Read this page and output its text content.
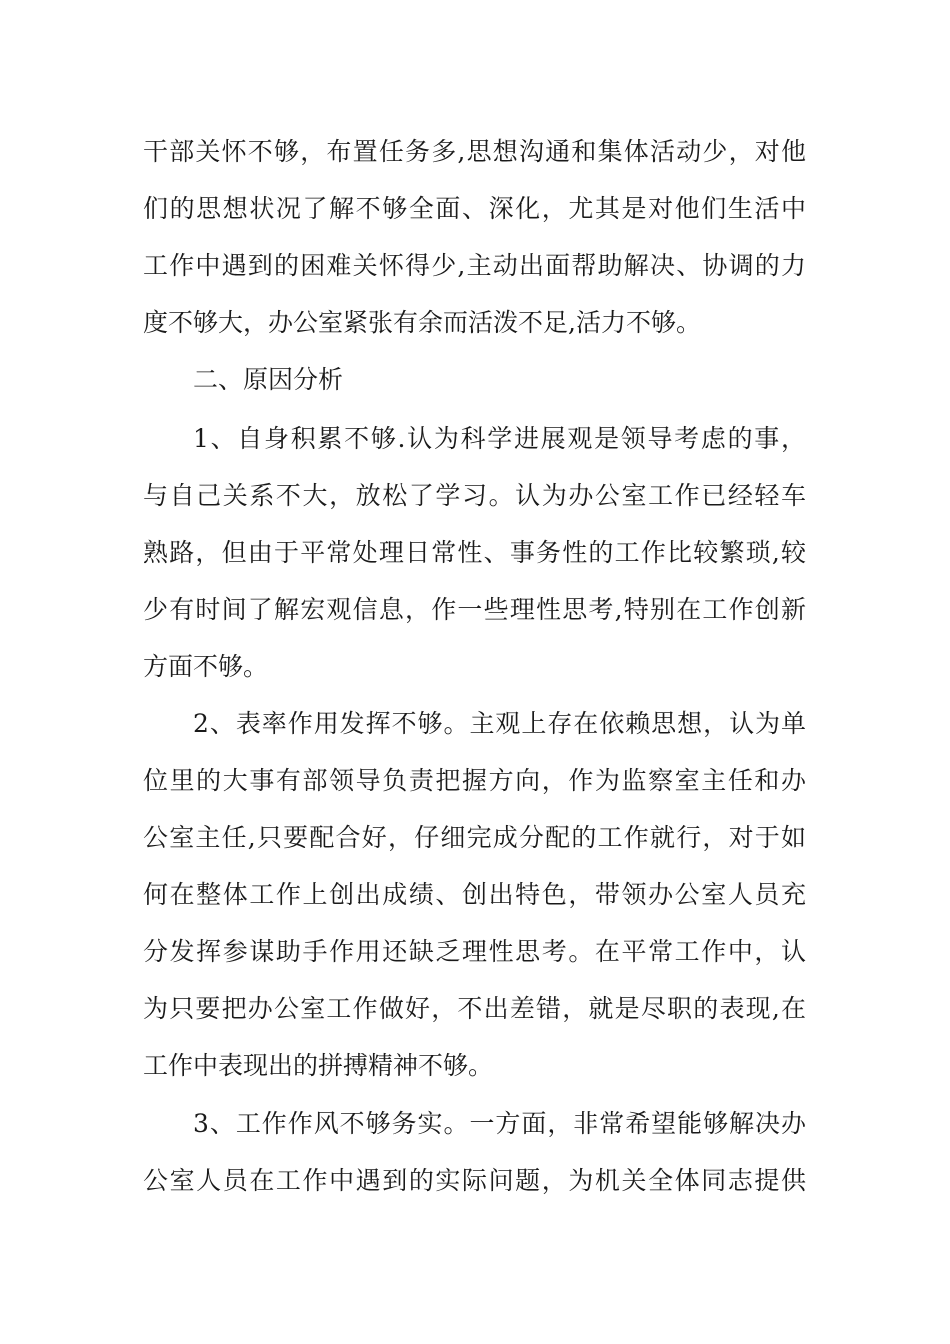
干部关怀不够，布置任务多,思想沟通和集体活动少，对他
们的思想状况了解不够全面、深化，尤其是对他们生活中
工作中遇到的困难关怀得少,主动出面帮助解决、协调的力
度不够大，办公室紧张有余而活泼不足,活力不够。
二、原因分析
1、自身积累不够.认为科学进展观是领导考虑的事，
与自己关系不大，放松了学习。认为办公室工作已经轻车
熟路，但由于平常处理日常性、事务性的工作比较繁琐,较
少有时间了解宏观信息，作一些理性思考,特别在工作创新
方面不够。
2、表率作用发挥不够。主观上存在依赖思想，认为单
位里的大事有部领导负责把握方向，作为监察室主任和办
公室主任,只要配合好，仔细完成分配的工作就行，对于如
何在整体工作上创出成绩、创出特色，带领办公室人员充
分发挥参谋助手作用还缺乏理性思考。在平常工作中，认
为只要把办公室工作做好，不出差错，就是尽职的表现,在
工作中表现出的拼搏精神不够。
3、工作作风不够务实。一方面，非常希望能够解决办
公室人员在工作中遇到的实际问题，为机关全体同志提供
